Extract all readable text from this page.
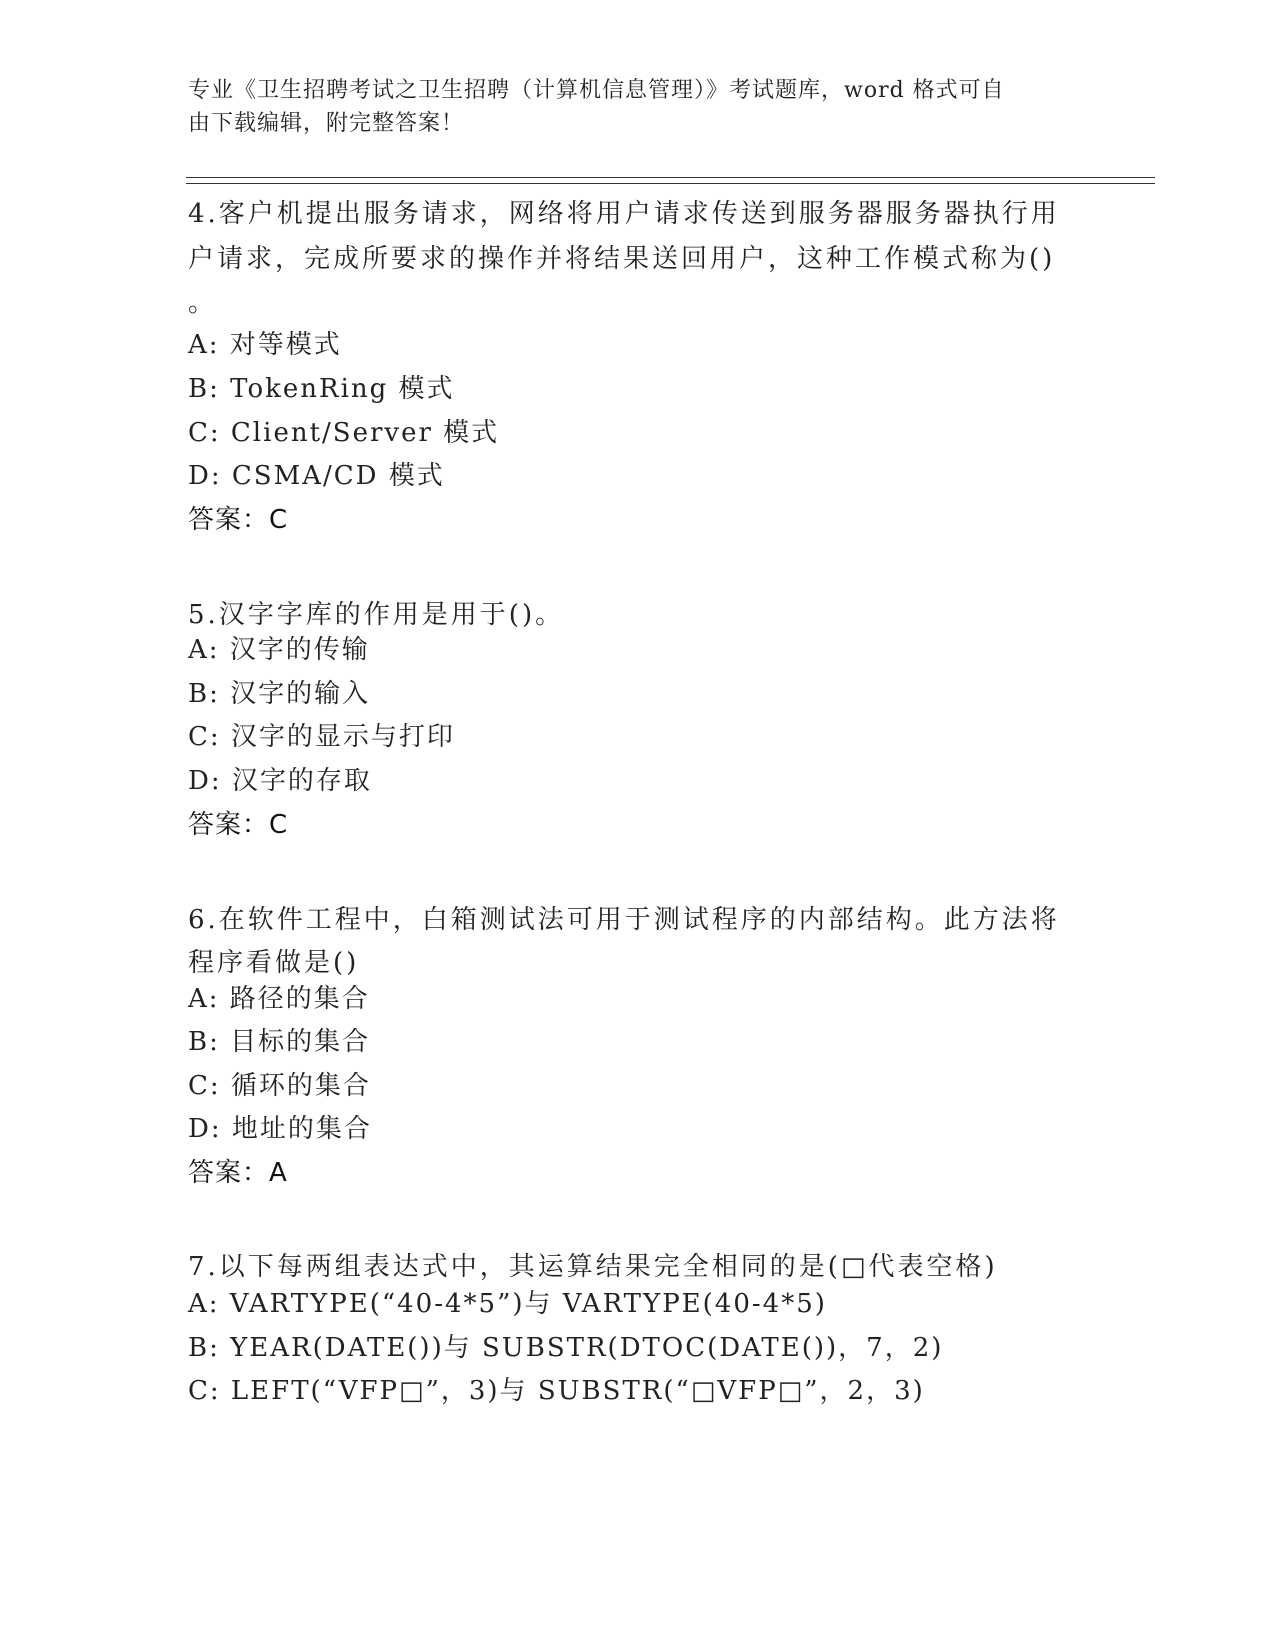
专业《卫生招聘考试之卫生招聘（计算机信息管理）》考试题库，word 格式可自
由下载编辑，附完整答案！
4.客户机提出服务请求，网络将用户请求传送到服务器服务器执行用
户请求，完成所要求的操作并将结果送回用户，这种工作模式称为()
。
A: 对等模式
B: TokenRing 模式
C: Client/Server 模式
D: CSMA/CD 模式
答案：C
5.汉字字库的作用是用于()。
A: 汉字的传输
B: 汉字的输入
C: 汉字的显示与打印
D: 汉字的存取
答案：C
6.在软件工程中，白箱测试法可用于测试程序的内部结构。此方法将
程序看做是()
A: 路径的集合
B: 目标的集合
C: 循环的集合
D: 地址的集合
答案：A
7.以下每两组表达式中，其运算结果完全相同的是(□代表空格)
A: VARTYPE(“40-4*5”)与 VARTYPE(40-4*5)
B: YEAR(DATE())与 SUBSTR(DTOC(DATE())，7，2)
C: LEFT(“VFP□”，3)与 SUBSTR(“□VFP□”，2，3)
